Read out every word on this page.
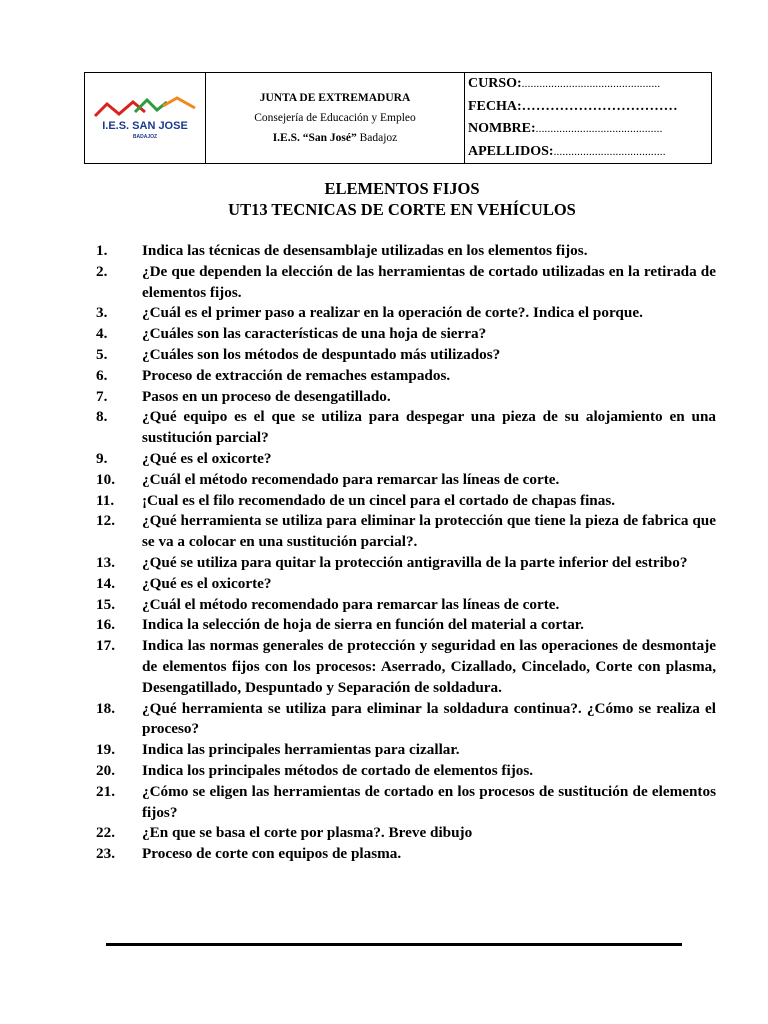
I.E.S. SAN JOSE
BADAJOZ
JUNTA DE EXTREMADURA
Consejería de Educación y Empleo
I.E.S. “San José” Badajoz
CURSO:...............................................
FECHA:……………………………
NOMBRE:...........................................
APELLIDOS:......................................
ELEMENTOS FIJOS
UT13 TECNICAS DE CORTE EN VEHÍCULOS
1.	Indica las técnicas de desensamblaje utilizadas en los elementos fijos.
2.	¿De que dependen la elección de las herramientas de cortado utilizadas en la retirada de elementos fijos.
3.	¿Cuál es el primer paso a realizar en la operación de corte?. Indica el porque.
4.	¿Cuáles son las características de una hoja de sierra?
5.	¿Cuáles son los métodos de despuntado más utilizados?
6.	Proceso de extracción de remaches estampados.
7.	Pasos en un proceso de desengatillado.
8.	¿Qué equipo es el que se utiliza para despegar una pieza de su alojamiento en una sustitución parcial?
9.	¿Qué es el oxicorte?
10.	¿Cuál el método recomendado para remarcar las líneas de corte.
11.	¡Cual es el filo recomendado de un cincel para el cortado de chapas finas.
12.	¿Qué herramienta se utiliza para eliminar la protección que tiene la pieza de fabrica que se va a colocar en una sustitución parcial?.
13.	¿Qué se utiliza para quitar la protección antigravilla de la parte inferior del estribo?
14.	¿Qué es el oxicorte?
15.	¿Cuál el método recomendado para remarcar las líneas de corte.
16.	Indica la selección de hoja de sierra en función del material a cortar.
17.	Indica las normas generales de protección y seguridad en las operaciones de desmontaje de elementos fijos con los procesos: Aserrado, Cizallado, Cincelado, Corte con plasma, Desengatillado, Despuntado y Separación de soldadura.
18.	¿Qué herramienta se utiliza para eliminar la soldadura continua?. ¿Cómo se realiza el proceso?
19.	Indica las principales herramientas para cizallar.
20.	Indica los principales métodos de cortado de elementos fijos.
21.	¿Cómo se eligen las herramientas de cortado en los procesos de sustitución de elementos fijos?
22.	¿En que se basa el corte por plasma?. Breve dibujo
23.	Proceso de corte con equipos de plasma.
